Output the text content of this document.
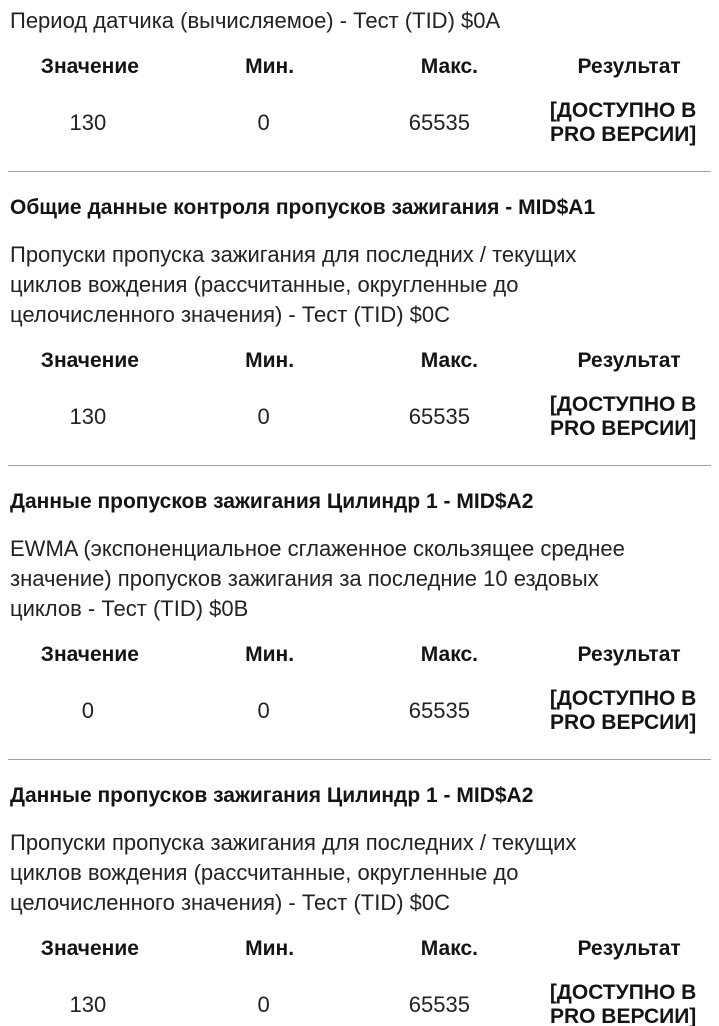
Период датчика (вычисляемое) - Тест (TID) $0A

Значение	Мин.	Макс.	Результат
130	0	65535	[ДОСТУПНО В PRO ВЕРСИИ]
Общие данные контроля пропусков зажигания - MID$A1

Пропуски пропуска зажигания для последних / текущих циклов вождения (рассчитанные, округленные до целочисленного значения) - Тест (TID) $0C

Значение	Мин.	Макс.	Результат
130	0	65535	[ДОСТУПНО В PRO ВЕРСИИ]
Данные пропусков зажигания Цилиндр 1 - MID$A2

EWMA (экспоненциальное сглаженное скользящее среднее значение) пропусков зажигания за последние 10 ездовых циклов - Тест (TID) $0B

Значение	Мин.	Макс.	Результат
0	0	65535	[ДОСТУПНО В PRO ВЕРСИИ]
Данные пропусков зажигания Цилиндр 1 - MID$A2

Пропуски пропуска зажигания для последних / текущих циклов вождения (рассчитанные, округленные до целочисленного значения) - Тест (TID) $0C

Значение	Мин.	Макс.	Результат
130	0	65535	[ДОСТУПНО В PRO ВЕРСИИ]
